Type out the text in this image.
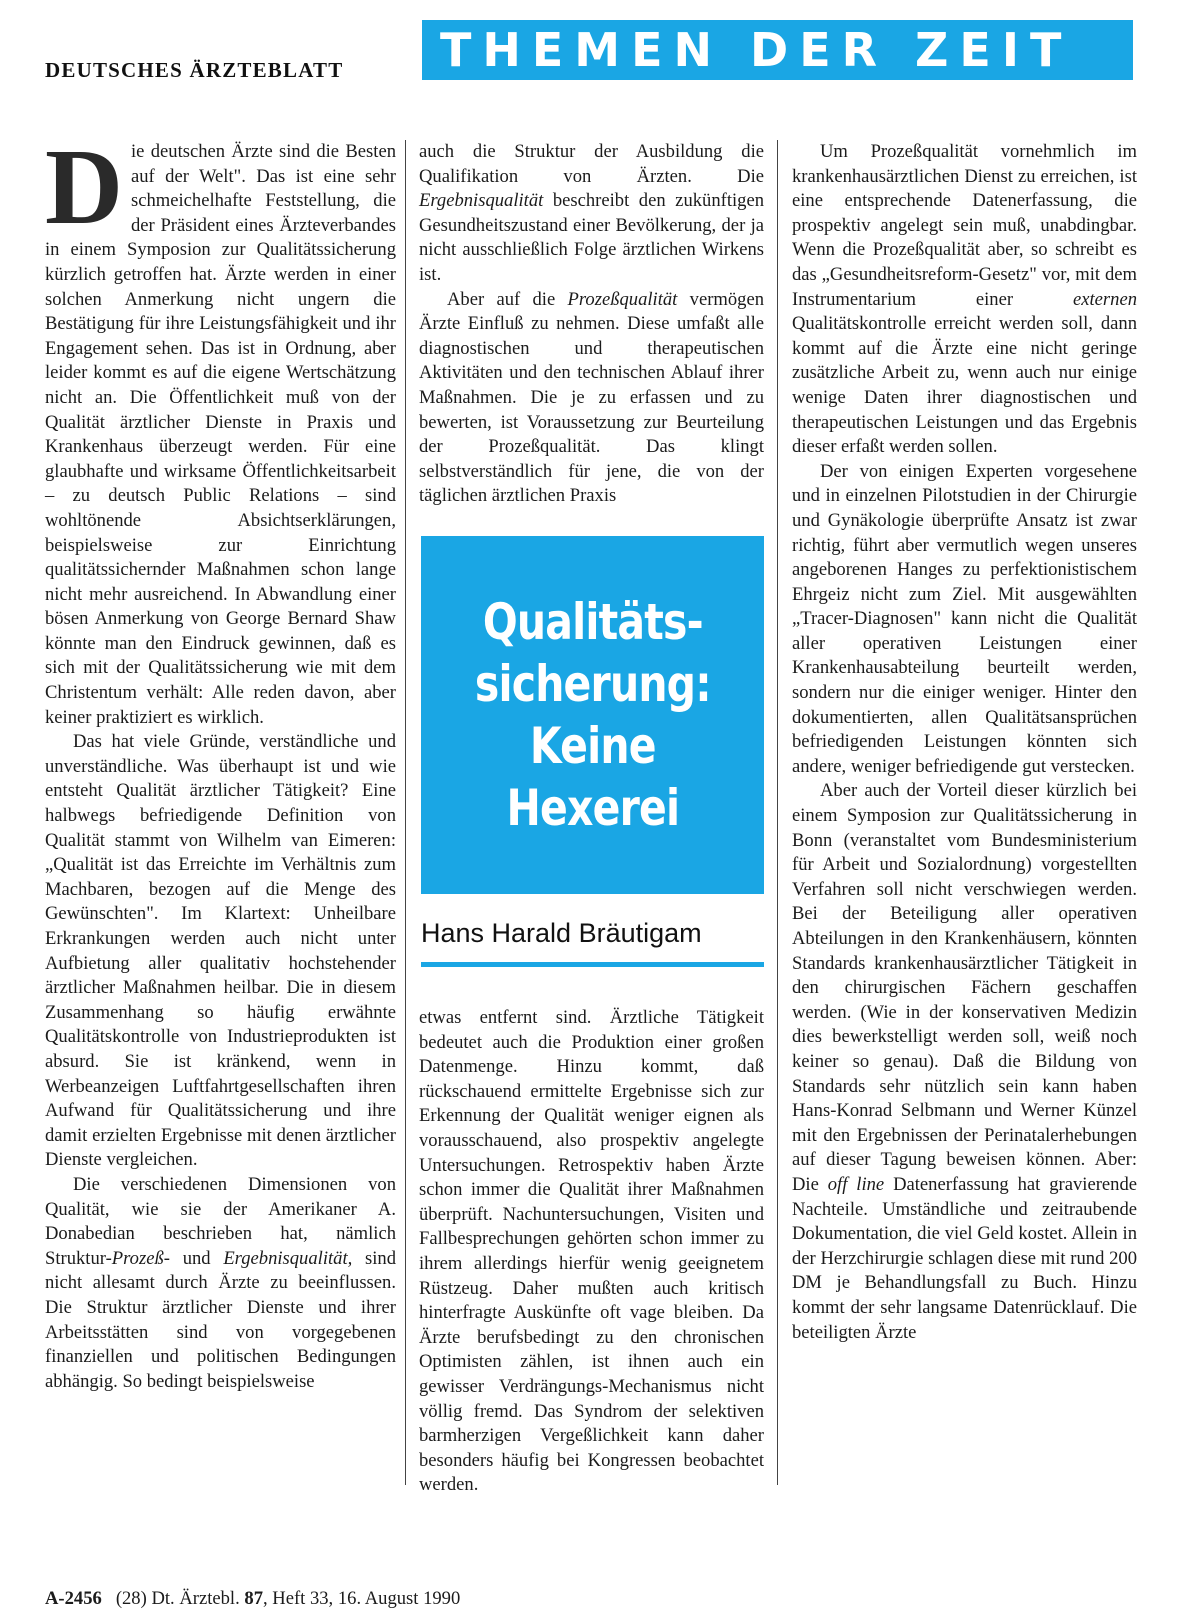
DEUTSCHES ÄRZTEBLATT	THEMEN DER ZEIT

Die deutschen Ärzte sind die Besten auf der Welt". Das ist eine sehr schmeichelhafte Feststellung, die der Präsident eines Ärzteverbandes in einem Symposion zur Qualitätssicherung kürzlich getroffen hat. Ärzte werden in einer solchen Anmerkung nicht ungern die Bestätigung für ihre Leistungsfähigkeit und ihr Engagement sehen. Das ist in Ordnung, aber leider kommt es auf die eigene Wertschätzung nicht an. Die Öffentlichkeit muß von der Qualität ärztlicher Dienste in Praxis und Krankenhaus überzeugt werden. Für eine glaubhafte und wirksame Öffentlichkeitsarbeit – zu deutsch Public Relations – sind wohltönende Absichtserklärungen, beispielsweise zur Einrichtung qualitätssichernder Maßnahmen schon lange nicht mehr ausreichend. In Abwandlung einer bösen Anmerkung von George Bernard Shaw könnte man den Eindruck gewinnen, daß es sich mit der Qualitätssicherung wie mit dem Christentum verhält: Alle reden davon, aber keiner praktiziert es wirklich.

Das hat viele Gründe, verständliche und unverständliche. Was überhaupt ist und wie entsteht Qualität ärztlicher Tätigkeit? Eine halbwegs befriedigende Definition von Qualität stammt von Wilhelm van Eimeren: „Qualität ist das Erreichte im Verhältnis zum Machbaren, bezogen auf die Menge des Gewünschten". Im Klartext: Unheilbare Erkrankungen werden auch nicht unter Aufbietung aller qualitativ hochstehender ärztlicher Maßnahmen heilbar. Die in diesem Zusammenhang so häufig erwähnte Qualitätskontrolle von Industrieprodukten ist absurd. Sie ist kränkend, wenn in Werbeanzeigen Luftfahrtgesellschaften ihren Aufwand für Qualitätssicherung und ihre damit erzielten Ergebnisse mit denen ärztlicher Dienste vergleichen.

Die verschiedenen Dimensionen von Qualität, wie sie der Amerikaner A. Donabedian beschrieben hat, nämlich Struktur-Prozeß- und Ergebnisqualität, sind nicht allesamt durch Ärzte zu beeinflussen. Die Struktur ärztlicher Dienste und ihrer Arbeitsstätten sind von vorgegebenen finanziellen und politischen Bedingungen abhängig. So bedingt beispielsweise

auch die Struktur der Ausbildung die Qualifikation von Ärzten. Die Ergebnisqualität beschreibt den zukünftigen Gesundheitszustand einer Bevölkerung, der ja nicht ausschließlich Folge ärztlichen Wirkens ist.

Aber auf die Prozeßqualität vermögen Ärzte Einfluß zu nehmen. Diese umfaßt alle diagnostischen und therapeutischen Aktivitäten und den technischen Ablauf ihrer Maßnahmen. Die je zu erfassen und zu bewerten, ist Voraussetzung zur Beurteilung der Prozeßqualität. Das klingt selbstverständlich für jene, die von der täglichen ärztlichen Praxis

Qualitäts-
sicherung:
Keine
Hexerei
Hans Harald Bräutigam

etwas entfernt sind. Ärztliche Tätigkeit bedeutet auch die Produktion einer großen Datenmenge. Hinzu kommt, daß rückschauend ermittelte Ergebnisse sich zur Erkennung der Qualität weniger eignen als vorausschauend, also prospektiv angelegte Untersuchungen. Retrospektiv haben Ärzte schon immer die Qualität ihrer Maßnahmen überprüft. Nachuntersuchungen, Visiten und Fallbesprechungen gehörten schon immer zu ihrem allerdings hierfür wenig geeignetem Rüstzeug. Daher mußten auch kritisch hinterfragte Auskünfte oft vage bleiben. Da Ärzte berufsbedingt zu den chronischen Optimisten zählen, ist ihnen auch ein gewisser Verdrängungs-Mechanismus nicht völlig fremd. Das Syndrom der selektiven barmherzigen Vergeßlichkeit kann daher besonders häufig bei Kongressen beobachtet werden.

Um Prozeßqualität vornehmlich im krankenhausärztlichen Dienst zu erreichen, ist eine entsprechende Datenerfassung, die prospektiv angelegt sein muß, unabdingbar. Wenn die Prozeßqualität aber, so schreibt es das „Gesundheitsreform-Gesetz" vor, mit dem Instrumentarium einer externen Qualitätskontrolle erreicht werden soll, dann kommt auf die Ärzte eine nicht geringe zusätzliche Arbeit zu, wenn auch nur einige wenige Daten ihrer diagnostischen und therapeutischen Leistungen und das Ergebnis dieser erfaßt werden sollen.

Der von einigen Experten vorgesehene und in einzelnen Pilotstudien in der Chirurgie und Gynäkologie überprüfte Ansatz ist zwar richtig, führt aber vermutlich wegen unseres angeborenen Hanges zu perfektionistischem Ehrgeiz nicht zum Ziel. Mit ausgewählten „Tracer-Diagnosen" kann nicht die Qualität aller operativen Leistungen einer Krankenhausabteilung beurteilt werden, sondern nur die einiger weniger. Hinter den dokumentierten, allen Qualitätsansprüchen befriedigenden Leistungen könnten sich andere, weniger befriedigende gut verstecken.

Aber auch der Vorteil dieser kürzlich bei einem Symposion zur Qualitätssicherung in Bonn (veranstaltet vom Bundesministerium für Arbeit und Sozialordnung) vorgestellten Verfahren soll nicht verschwiegen werden. Bei der Beteiligung aller operativen Abteilungen in den Krankenhäusern, könnten Standards krankenhausärztlicher Tätigkeit in den chirurgischen Fächern geschaffen werden. (Wie in der konservativen Medizin dies bewerkstelligt werden soll, weiß noch keiner so genau). Daß die Bildung von Standards sehr nützlich sein kann haben Hans-Konrad Selbmann und Werner Künzel mit den Ergebnissen der Perinatalerhebungen auf dieser Tagung beweisen können. Aber: Die off line Datenerfassung hat gravierende Nachteile. Umständliche und zeitraubende Dokumentation, die viel Geld kostet. Allein in der Herzchirurgie schlagen diese mit rund 200 DM je Behandlungsfall zu Buch. Hinzu kommt der sehr langsame Datenrücklauf. Die beteiligten Ärzte

A-2456 (28) Dt. Ärztebl. 87, Heft 33, 16. August 1990
